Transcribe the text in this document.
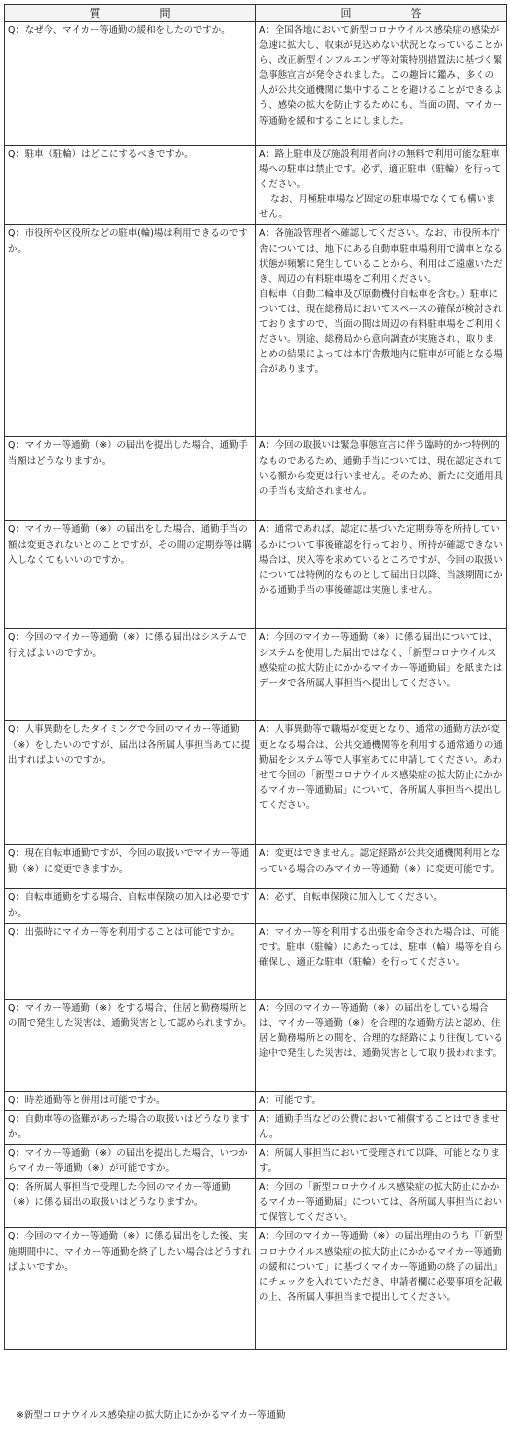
質　問	回　答
Q：なぜ今、マイカー等通勤の緩和をしたのですか。	A：全国各地において新型コロナウイルス感染症の感染が急速に拡大し、収束が見込めない状況となっていることから、改正新型インフルエンザ等対策特別措置法に基づく緊急事態宣言が発令されました。この趣旨に鑑み、多くの人が公共交通機関に集中することを避けることができるよう、感染の拡大を防止するためにも、当面の間、マイカー等通勤を緩和することにしました。

Q：駐車（駐輪）はどこにするべきですか。	A：路上駐車及び施設利用者向けの無料で利用可能な駐車場への駐車は禁止です。必ず、適正駐車（駐輪）を行ってください。
なお、月極駐車場など固定の駐車場でなくても構いません。

Q：市役所や区役所などの駐車(輪)場は利用できるのですか。	A：各施設管理者へ確認してください。なお、市役所本庁舎については、地下にある自動車駐車場利用で満車となる状態が頻繁に発生していることから、利用はご遠慮いただき、周辺の有料駐車場をご利用ください。
自転車（自動二輪車及び原動機付自転車を含む。）駐車については、現在総務局においてスペースの確保が検討されておりますので、当面の間は周辺の有料駐車場をご利用ください。別途、総務局から意向調査が実施され、取りまとめの結果によっては本庁舎敷地内に駐車が可能となる場合があります。

Q：マイカー等通勤（※）の届出を提出した場合、通勤手当額はどうなりますか。	A：今回の取扱いは緊急事態宣言に伴う臨時的かつ特例的なものであるため、通勤手当については、現在認定されている額から変更は行いません。そのため、新たに交通用具の手当も支給されません。

Q：マイカー等通勤（※）の届出をした場合、通勤手当の額は変更されないとのことですが、その間の定期券等は購入しなくてもいいのですか。	A：通常であれば、認定に基づいた定期券等を所持しているかについて事後確認を行っており、所持が確認できない場合は、戻入等を求めているところですが、今回の取扱いについては特例的なものとして届出日以降、当該期間にかかる通勤手当の事後確認は実施しません。

Q：今回のマイカー等通勤（※）に係る届出はシステムで行えばよいのですか。	A：今回のマイカー等通勤（※）に係る届出については、システムを使用した届出ではなく、「新型コロナウイルス感染症の拡大防止にかかるマイカー等通勤届」を紙またはデータで各所属人事担当へ提出してください。

Q：人事異動をしたタイミングで今回のマイカー等通勤（※）をしたいのですが、届出は各所属人事担当あてに提出すればよいのですか。	A：人事異動等で職場が変更となり、通常の通勤方法が変更となる場合は、公共交通機関等を利用する通常通りの通勤届をシステム等で人事室あてに申請してください。あわせて今回の「新型コロナウイルス感染症の拡大防止にかかるマイカー等通勤届」について、各所属人事担当へ提出してください。

Q：現在自転車通勤ですが、今回の取扱いでマイカー等通勤（※）に変更できますか。	A：変更はできません。認定経路が公共交通機関利用となっている場合のみマイカー等通勤（※）に変更可能です。

Q：自転車通勤をする場合、自転車保険の加入は必要ですか。	A：必ず、自転車保険に加入してください。

Q：出張時にマイカー等を利用することは可能ですか。	A：マイカー等を利用する出張を命令された場合は、可能です。駐車（駐輪）にあたっては、駐車（輪）場等を自ら確保し、適正な駐車（駐輪）を行ってください。

Q：マイカー等通勤（※）をする場合、住居と勤務場所との間で発生した災害は、通勤災害として認められますか。	A：今回のマイカー等通勤（※）の届出をしている場合は、マイカー等通勤（※）を合理的な通勤方法と認め、住居と勤務場所との間を、合理的な経路により往復している途中で発生した災害は、通勤災害として取り扱われます。

Q：時差通勤等と併用は可能ですか。	A：可能です。

Q：自動車等の盗難があった場合の取扱いはどうなりますか。	A：通勤手当などの公費において補償することはできません。

Q：マイカー等通勤（※）の届出を提出した場合、いつからマイカー等通勤（※）が可能ですか。	A：所属人事担当において受理されて以降、可能となります。

Q：各所属人事担当で受理した今回のマイカー等通勤（※）に係る届出の取扱いはどうなりますか。	A：今回の「新型コロナウイルス感染症の拡大防止にかかるマイカー等通勤届」については、各所属人事担当において保管してください。

Q：今回のマイカー等通勤（※）に係る届出をした後、実施期間中に、マイカー等通勤を終了したい場合はどうすればよいですか。	A：今回のマイカー等通勤（※）の届出理由のうち『「新型コロナウイルス感染症の拡大防止にかかるマイカー等通勤の緩和について」に基づくマイカー等通勤の終了の届出』にチェックを入れていただき、申請者欄に必要事項を記載の上、各所属人事担当まで提出してください。
※新型コロナウイルス感染症の拡大防止にかかるマイカー等通勤
